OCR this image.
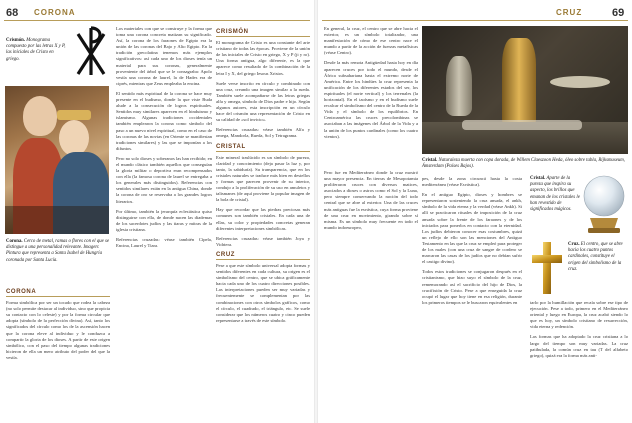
68 CORONA
Crismón. Monograma compuesto por las letras X y P, las iniciales de Cristo en griego.
Corona. Cerco de metal, ramas o flores con el que se distingue a una personalidad relevante. Imagen: Pintura que representa a Santa Isabel de Hungría coronada por Santa Lucía.
CORONA

Forma simbólica por ser un tocado que rodea la cabeza (no solo permite destacar al individuo, sino que propicia su contacto con lo celeste) y por la forma circular que adopta (símbolo de la perfección divina). Así, tanto los significados del círculo como los de la ascensión hacen que la corona eleve al individuo y le conduzca a compartir la gloria de los dioses. A partir de este origen simbólico, con el paso del tiempo algunas tradiciones hicieron de ella un mero atributo del poder del que la vestía.

Los materiales con que se construye y la forma que toma una corona concreta matizan su significado. Así, la corona de los faraones de Egipto era la unión de las coronas del Bajo y Alto Egipto. En la tradición grecolatina tenemos más ejemplos significativos: así cada uno de los dioses tenía un material para sus coronas, generalmente proveniente del árbol que se le consagraba: Apolo vestía una corona de laurel, la de Hades era de ciprés, mientras que Zeus empleaba la encina.

El sentido más espiritual de la corona se hace muy presente en el budismo, donde la que viste Buda alude a la consecución de logros espirituales. Sentidos muy similares aparecen en el hinduismo y islamismo. Algunas tradiciones occidentales también emplearon la corona como símbolo del paso a un nuevo nivel espiritual, como en el caso de las coronas de las novias (en Oriente se manifiestan tradiciones similares) y las que se imponían a los difuntos.

Pero no solo dioses y soberanos las han recibido; en el mundo clásico también aquellos que conseguían la gloria militar o deportiva eran recompensados con ella (la famosa corona de laurel se entregaba a los generales más distinguidos). Referencias con sentidos similares están en la antigua China, donde la corona de oro se reservaba a los grandes logros literarios.

Por último, también la jerarquía eclesiástica quiso distinguirse con ella, de donde nacen las diademas de los sacerdotes judíos y las tiaras y mitras de la iglesia cristiana.

Referencias cruzadas: véase también Cípela, Encina, Laurel y Tiara.

CRISMÓN

El monograma de Cristo es una constante del arte cristiano de todas las épocas. Proviene de la unión de las iniciales de Cristo en griego, X y P (ji y ro). Una forma antigua, algo diferente, es la que aparece como resultado de la combinación de la letra I y X, del griego Iesous Xristos.

Suele verse inscrito en círculo y combinado con una cruz, creando una imagen similar a la rueda. También suele acompañarse de las letras griegas alfa y omega, símbolo de Dios padre e hijo. Según algunos autores, esta inscripción en un círculo hace del crismón una representación de Cristo en su calidad de «sol invicto».

Referencias cruzadas: véase también Alfa y omega, Mandorla, Rueda, Sol y Tetragrama.

CRISTAL

Este mineral traslúcido es un símbolo de pureza, claridad y conocimiento (deja pasar la luz y, por tanto, la sabiduría). Su transparencia, que en los cristales naturales se traduce más bien en destellos y formas que parecen provenir de su interior, condujo a la proliferación de su uso en amuletos y talismanes (de aquí proviene la popular imagen de la bola de cristal).

Hay que recordar que las piedras preciosas más comunes son también cristales. En cada una de ellas, su color y propiedades concretas generan diferentes interpretaciones simbólicas.

Referencias cruzadas: véase también Joya y Vidriera.

CRUZ

Pese a que este símbolo universal adopta formas y sentidos diferentes en cada cultura, su origen es el simbolismo del centro, que se ubica gráficamente hacia cada uno de los cuatro direcciones posibles. Las interpretaciones pueden ser muy variadas y frecuentemente se complementan por las combinaciones con otros símbolos gráficos, como el círculo, el cuadrado, el triángulo, etc. Se suele considerar que los números cuatro y cinco pueden representarse a través de este símbolo.

CRUZ	69

En general, la cruz, el centro que se abre hacia el exterior, es un símbolo totalizador, una manifestación de cómo de ese centro nace el mundo a partir de la acción de fuerzas metafísicas (véase Centro).

Desde la más remota Antigüedad hasta hoy en día aparecen cruces por todo el mundo, desde el África subsahariana hasta el extremo norte de América. Entre los hindúes la cruz representa la unificación de los diferentes estados del ser, los espirituales (el norte vertical) y los terrenales (la horizontal). En el taoísmo y en el budismo suele recalcar el simbolismo del centro de la Rueda de la Vida y el símbolo de los equilibrios. En Centroamérica las cruces precolombinas se asociaban a las imágenes del Árbol de la Vida y a la unión de los puntos cardinales (como los cuatro vientos).

Cristal. Naturaleza muerta con copa dorada, de Willem Claeszoon Heda, óleo sobre tabla, Rijksmuseum, Ámsterdam (Países Bajos).

Pero fue en Mediterráneo donde la cruz mostró una mayor presencia. En tierras de Mesopotamia proliferaron cruces con diversos matices, asociados a dioses o astros como el Sol y la Luna, pero siempre conservando la noción del todo central que se abre al exterior. Una de las cruces más antiguas fue la esvástica, cuya forma proviene de una cruz en movimiento, girando sobre sí misma. Es un símbolo muy frecuente en todo el mundo indoeuropeo,

pes, desde la zona circuncá hasta la costa mediterránea (véase Esvástica).

En el antiguo Egipto, dioses y hombres se representaron sosteniendo la cruz ansada, el ankh, símbolo de la vida eterna y la verdad (véase Ankh). Si allí se practicaron rituales de imposición de la cruz ansada sobre la frente de los faraones y de los iniciados para ponerlos en contacto con la eternidad. Los judíos debieron conocer esas costumbres, quizá un reflejo de ello son las menciones del Antiguo Testamento en las que la cruz se empleó para proteger de los males (con una cruz de sangre de cordero se marcaron las casas de los judíos que no debían sufrir el castigo divino).

Todos estos tradiciones se conjugaron después en el cristianismo, que hizo suyo el símbolo de la cruz, rememorando así el sacrificio del hijo de Dios, la crucifixión de Cristo. Pese a que enseguida la cruz ocupó el lugar que hoy tiene en esa religión, durante los primeros tiempos se le buscaron equivalentes en

Cristal. Aparte de la pureza que inspira su aspecto, los brillos que emanan de los cristales le han revestido de significados mágicos.
Cruz. El centro, que se abre hacia los cuatro puntos cardinales, constituye el origen del simbolismo de la cruz.

tarlo por la humillación que recaía sobre ese tipo de ejecución. Pese a todo, primero en el Mediterráneo oriental y luego en Europa, la cruz acabó siendo lo que es hoy, un símbolo cristiano de resurrección, vida eterna y redención.

Las formas que ha adoptado la cruz cristiana a lo largo del tiempo son muy variadas. La cruz patibulada, la común cruz en tau (T del alfabeto griego), quizá era la forma más anti-
